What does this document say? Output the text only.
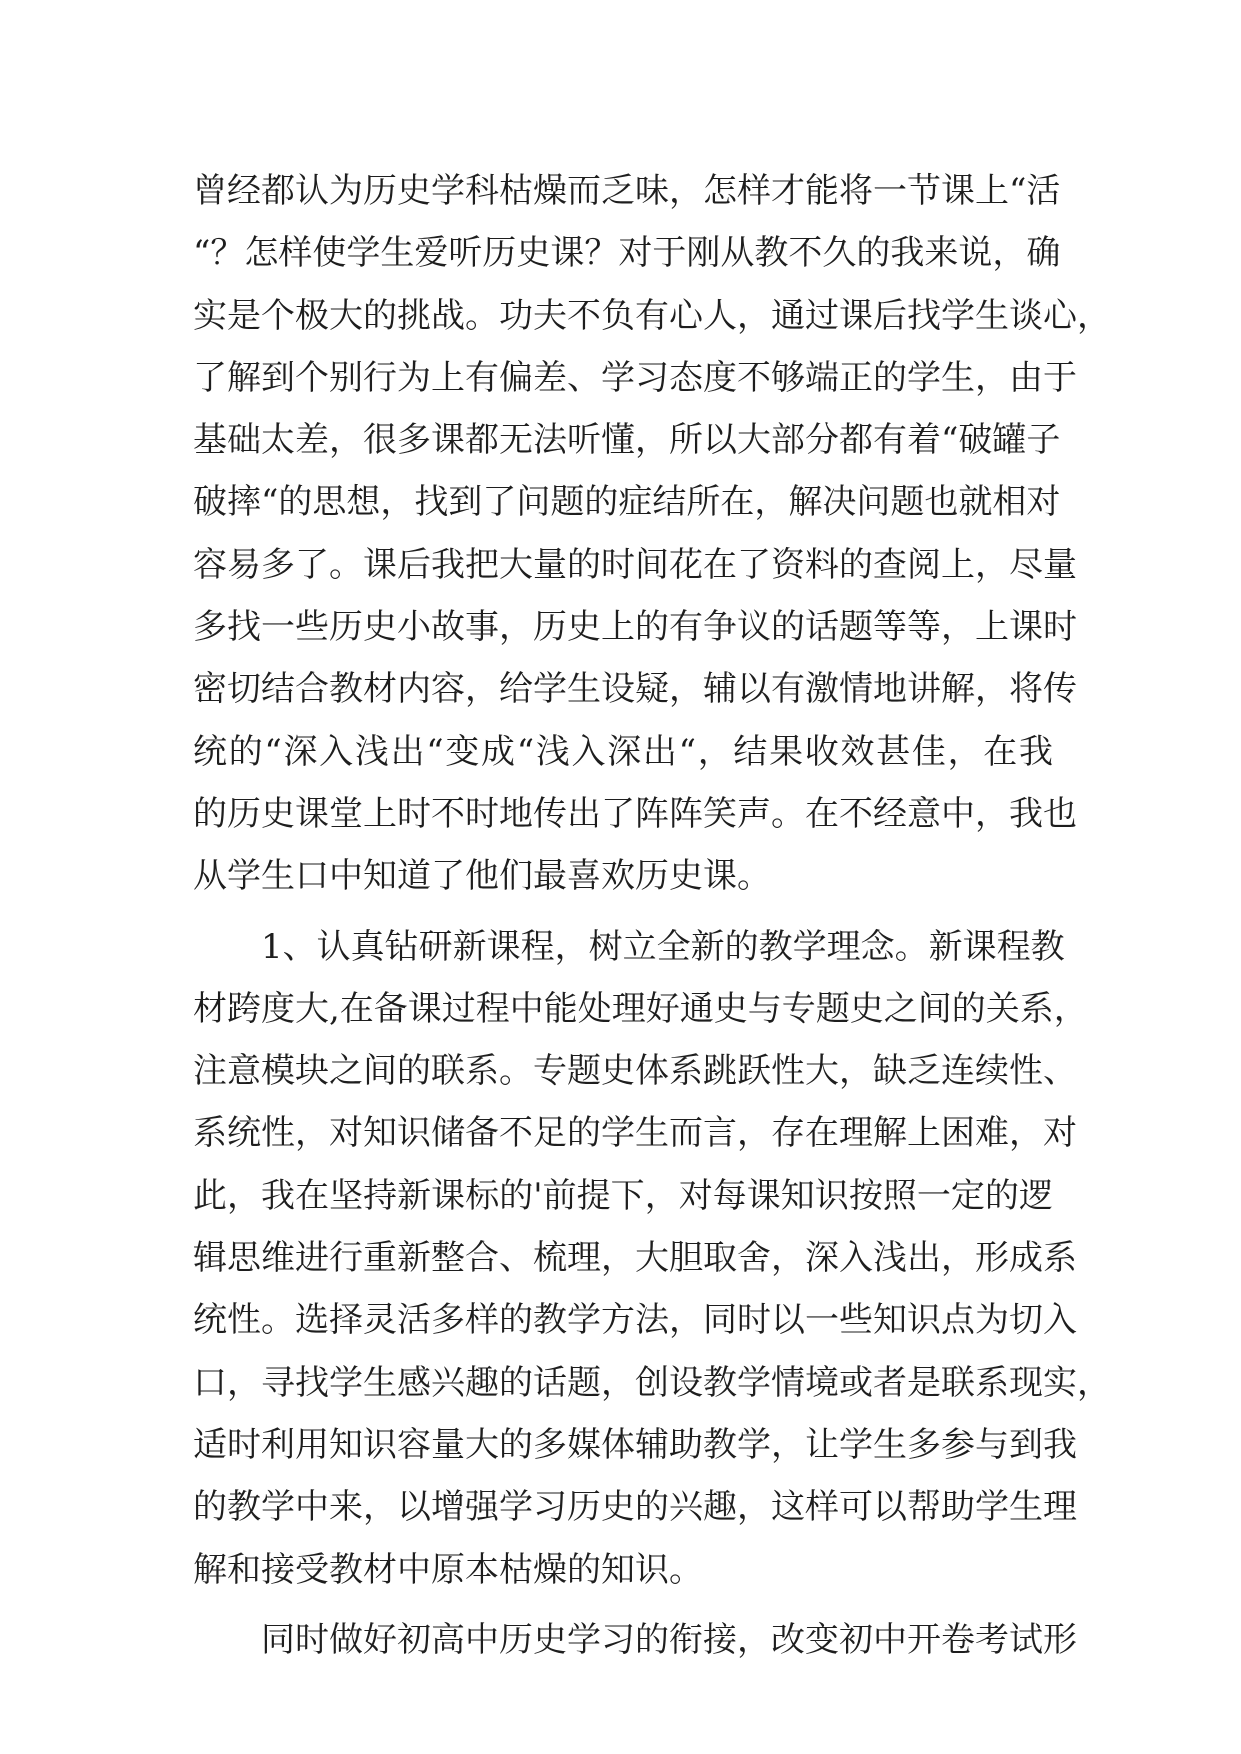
曾经都认为历史学科枯燥而乏味，怎样才能将一节课上“活
“？怎样使学生爱听历史课？对于刚从教不久的我来说，确
实是个极大的挑战。功夫不负有心人，通过课后找学生谈心，
了解到个别行为上有偏差、学习态度不够端正的学生，由于
基础太差，很多课都无法听懂，所以大部分都有着“破罐子
破摔“的思想，找到了问题的症结所在，解决问题也就相对
容易多了。课后我把大量的时间花在了资料的查阅上，尽量
多找一些历史小故事，历史上的有争议的话题等等，上课时
密切结合教材内容，给学生设疑，辅以有激情地讲解，将传
统的“深入浅出“变成“浅入深出“，结果收效甚佳，在我
的历史课堂上时不时地传出了阵阵笑声。在不经意中，我也
从学生口中知道了他们最喜欢历史课。
1、认真钻研新课程，树立全新的教学理念。新课程教
材跨度大,在备课过程中能处理好通史与专题史之间的关系，
注意模块之间的联系。专题史体系跳跃性大，缺乏连续性、
系统性，对知识储备不足的学生而言，存在理解上困难，对
此，我在坚持新课标的'前提下，对每课知识按照一定的逻
辑思维进行重新整合、梳理，大胆取舍，深入浅出，形成系
统性。选择灵活多样的教学方法，同时以一些知识点为切入
口，寻找学生感兴趣的话题，创设教学情境或者是联系现实，
适时利用知识容量大的多媒体辅助教学，让学生多参与到我
的教学中来，以增强学习历史的兴趣，这样可以帮助学生理
解和接受教材中原本枯燥的知识。
同时做好初高中历史学习的衔接，改变初中开卷考试形
